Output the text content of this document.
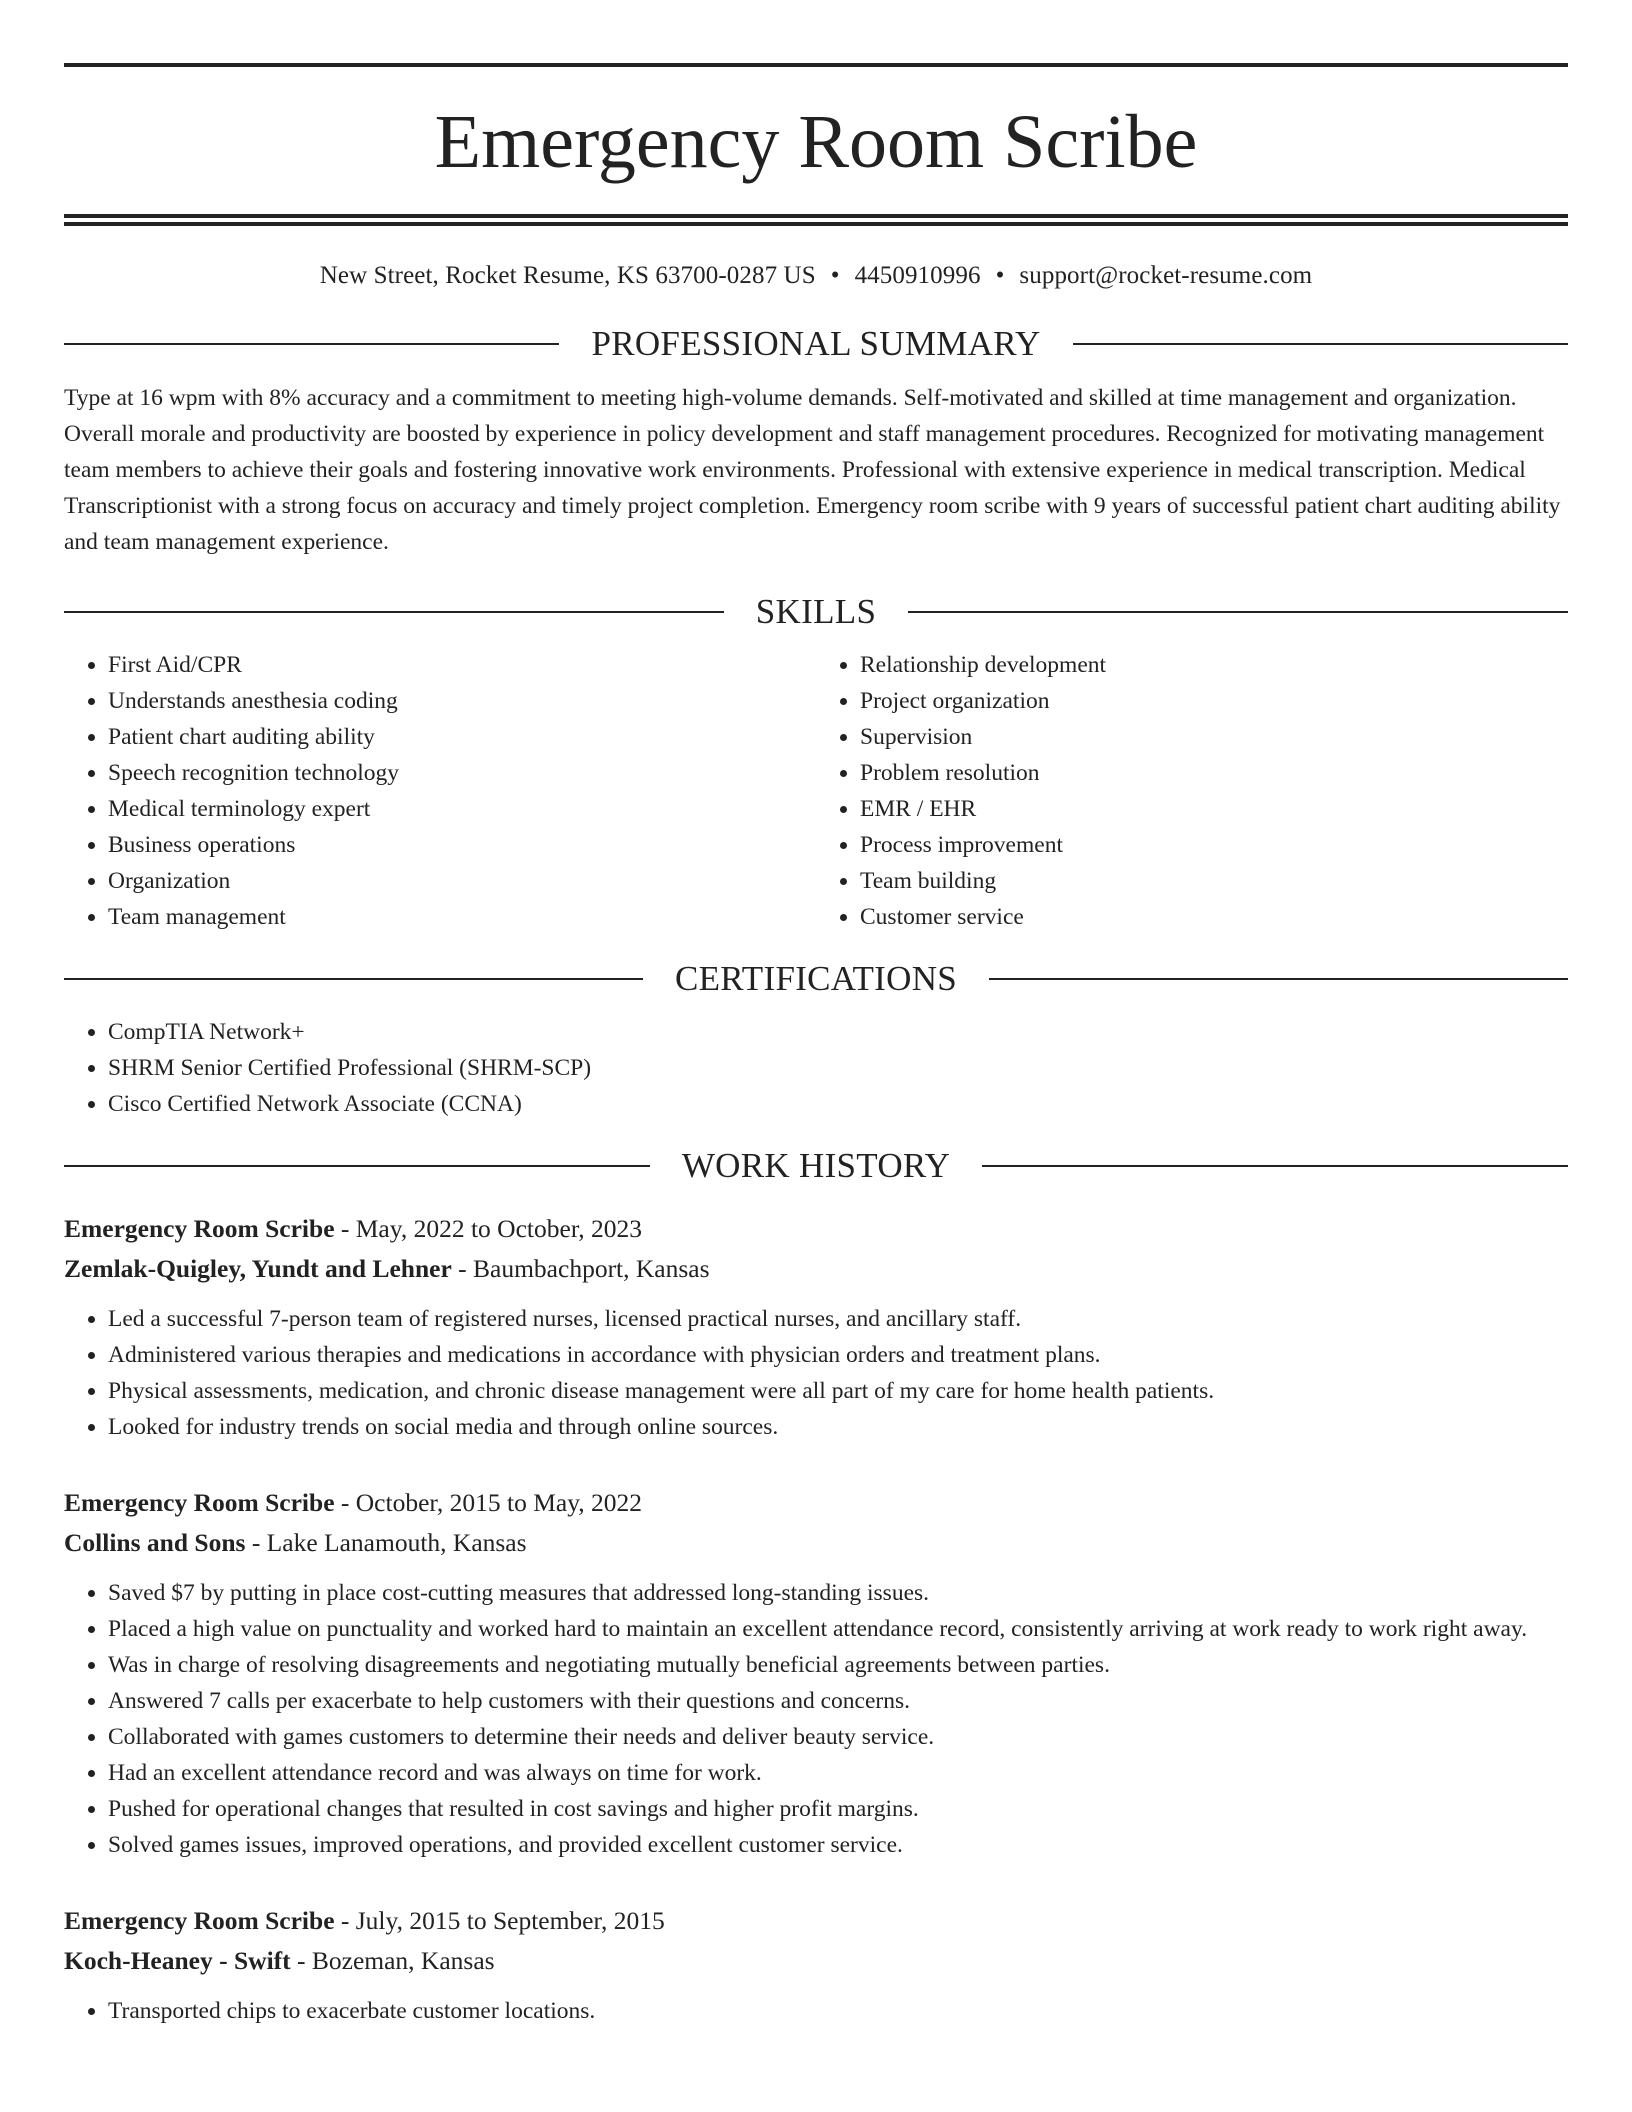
Emergency Room Scribe
New Street, Rocket Resume, KS 63700-0287 US • 4450910996 • support@rocket-resume.com
PROFESSIONAL SUMMARY
Type at 16 wpm with 8% accuracy and a commitment to meeting high-volume demands. Self-motivated and skilled at time management and organization. Overall morale and productivity are boosted by experience in policy development and staff management procedures. Recognized for motivating management team members to achieve their goals and fostering innovative work environments. Professional with extensive experience in medical transcription. Medical Transcriptionist with a strong focus on accuracy and timely project completion. Emergency room scribe with 9 years of successful patient chart auditing ability and team management experience.
SKILLS
• First Aid/CPR
• Understands anesthesia coding
• Patient chart auditing ability
• Speech recognition technology
• Medical terminology expert
• Business operations
• Organization
• Team management
• Relationship development
• Project organization
• Supervision
• Problem resolution
• EMR / EHR
• Process improvement
• Team building
• Customer service
CERTIFICATIONS
• CompTIA Network+
• SHRM Senior Certified Professional (SHRM-SCP)
• Cisco Certified Network Associate (CCNA)
WORK HISTORY
Emergency Room Scribe - May, 2022 to October, 2023
Zemlak-Quigley, Yundt and Lehner - Baumbachport, Kansas
• Led a successful 7-person team of registered nurses, licensed practical nurses, and ancillary staff.
• Administered various therapies and medications in accordance with physician orders and treatment plans.
• Physical assessments, medication, and chronic disease management were all part of my care for home health patients.
• Looked for industry trends on social media and through online sources.
Emergency Room Scribe - October, 2015 to May, 2022
Collins and Sons - Lake Lanamouth, Kansas
• Saved $7 by putting in place cost-cutting measures that addressed long-standing issues.
• Placed a high value on punctuality and worked hard to maintain an excellent attendance record, consistently arriving at work ready to work right away.
• Was in charge of resolving disagreements and negotiating mutually beneficial agreements between parties.
• Answered 7 calls per exacerbate to help customers with their questions and concerns.
• Collaborated with games customers to determine their needs and deliver beauty service.
• Had an excellent attendance record and was always on time for work.
• Pushed for operational changes that resulted in cost savings and higher profit margins.
• Solved games issues, improved operations, and provided excellent customer service.
Emergency Room Scribe - July, 2015 to September, 2015
Koch-Heaney - Swift - Bozeman, Kansas
• Transported chips to exacerbate customer locations.
